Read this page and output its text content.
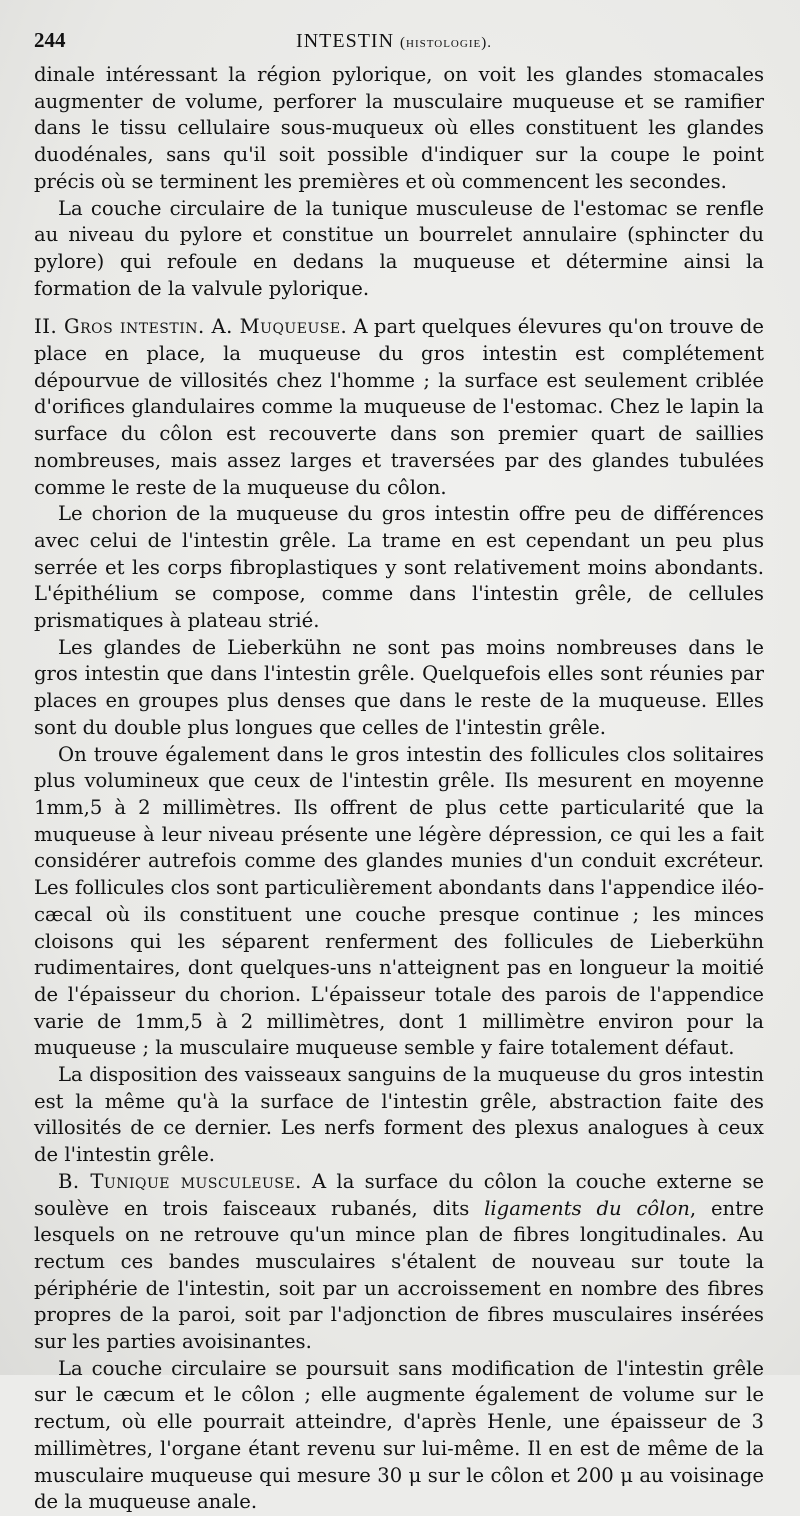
244	INTESTIN (histologie).

dinale intéressant la région pylorique, on voit les glandes stomacales augmenter de volume, perforer la musculaire muqueuse et se ramifier dans le tissu cellulaire sous-muqueux où elles constituent les glandes duodénales, sans qu'il soit possible d'indiquer sur la coupe le point précis où se terminent les premières et où commencent les secondes.

La couche circulaire de la tunique musculeuse de l'estomac se renfle au niveau du pylore et constitue un bourrelet annulaire (sphincter du pylore) qui refoule en dedans la muqueuse et détermine ainsi la formation de la valvule pylorique.

II. Gros intestin. A. Muqueuse. A part quelques élevures qu'on trouve de place en place, la muqueuse du gros intestin est complétement dépourvue de villosités chez l'homme ; la surface est seulement criblée d'orifices glandulaires comme la muqueuse de l'estomac. Chez le lapin la surface du côlon est recouverte dans son premier quart de saillies nombreuses, mais assez larges et traversées par des glandes tubulées comme le reste de la muqueuse du côlon.

Le chorion de la muqueuse du gros intestin offre peu de différences avec celui de l'intestin grêle. La trame en est cependant un peu plus serrée et les corps fibroplastiques y sont relativement moins abondants. L'épithélium se compose, comme dans l'intestin grêle, de cellules prismatiques à plateau strié.

Les glandes de Lieberkühn ne sont pas moins nombreuses dans le gros intestin que dans l'intestin grêle. Quelquefois elles sont réunies par places en groupes plus denses que dans le reste de la muqueuse. Elles sont du double plus longues que celles de l'intestin grêle.

On trouve également dans le gros intestin des follicules clos solitaires plus volumineux que ceux de l'intestin grêle. Ils mesurent en moyenne 1mm,5 à 2 millimètres. Ils offrent de plus cette particularité que la muqueuse à leur niveau présente une légère dépression, ce qui les a fait considérer autrefois comme des glandes munies d'un conduit excréteur. Les follicules clos sont particulièrement abondants dans l'appendice iléo-cæcal où ils constituent une couche presque continue ; les minces cloisons qui les séparent renferment des follicules de Lieberkühn rudimentaires, dont quelques-uns n'atteignent pas en longueur la moitié de l'épaisseur du chorion. L'épaisseur totale des parois de l'appendice varie de 1mm,5 à 2 millimètres, dont 1 millimètre environ pour la muqueuse ; la musculaire muqueuse semble y faire totalement défaut.

La disposition des vaisseaux sanguins de la muqueuse du gros intestin est la même qu'à la surface de l'intestin grêle, abstraction faite des villosités de ce dernier. Les nerfs forment des plexus analogues à ceux de l'intestin grêle.

B. Tunique musculeuse. A la surface du côlon la couche externe se soulève en trois faisceaux rubanés, dits ligaments du côlon, entre lesquels on ne retrouve qu'un mince plan de fibres longitudinales. Au rectum ces bandes musculaires s'étalent de nouveau sur toute la périphérie de l'intestin, soit par un accroissement en nombre des fibres propres de la paroi, soit par l'adjonction de fibres musculaires insérées sur les parties avoisinantes.

La couche circulaire se poursuit sans modification de l'intestin grêle sur le cæcum et le côlon ; elle augmente également de volume sur le rectum, où elle pourrait atteindre, d'après Henle, une épaisseur de 3 millimètres, l'organe étant revenu sur lui-même. Il en est de même de la musculaire muqueuse qui mesure 30 μ sur le côlon et 200 μ au voisinage de la muqueuse anale.
